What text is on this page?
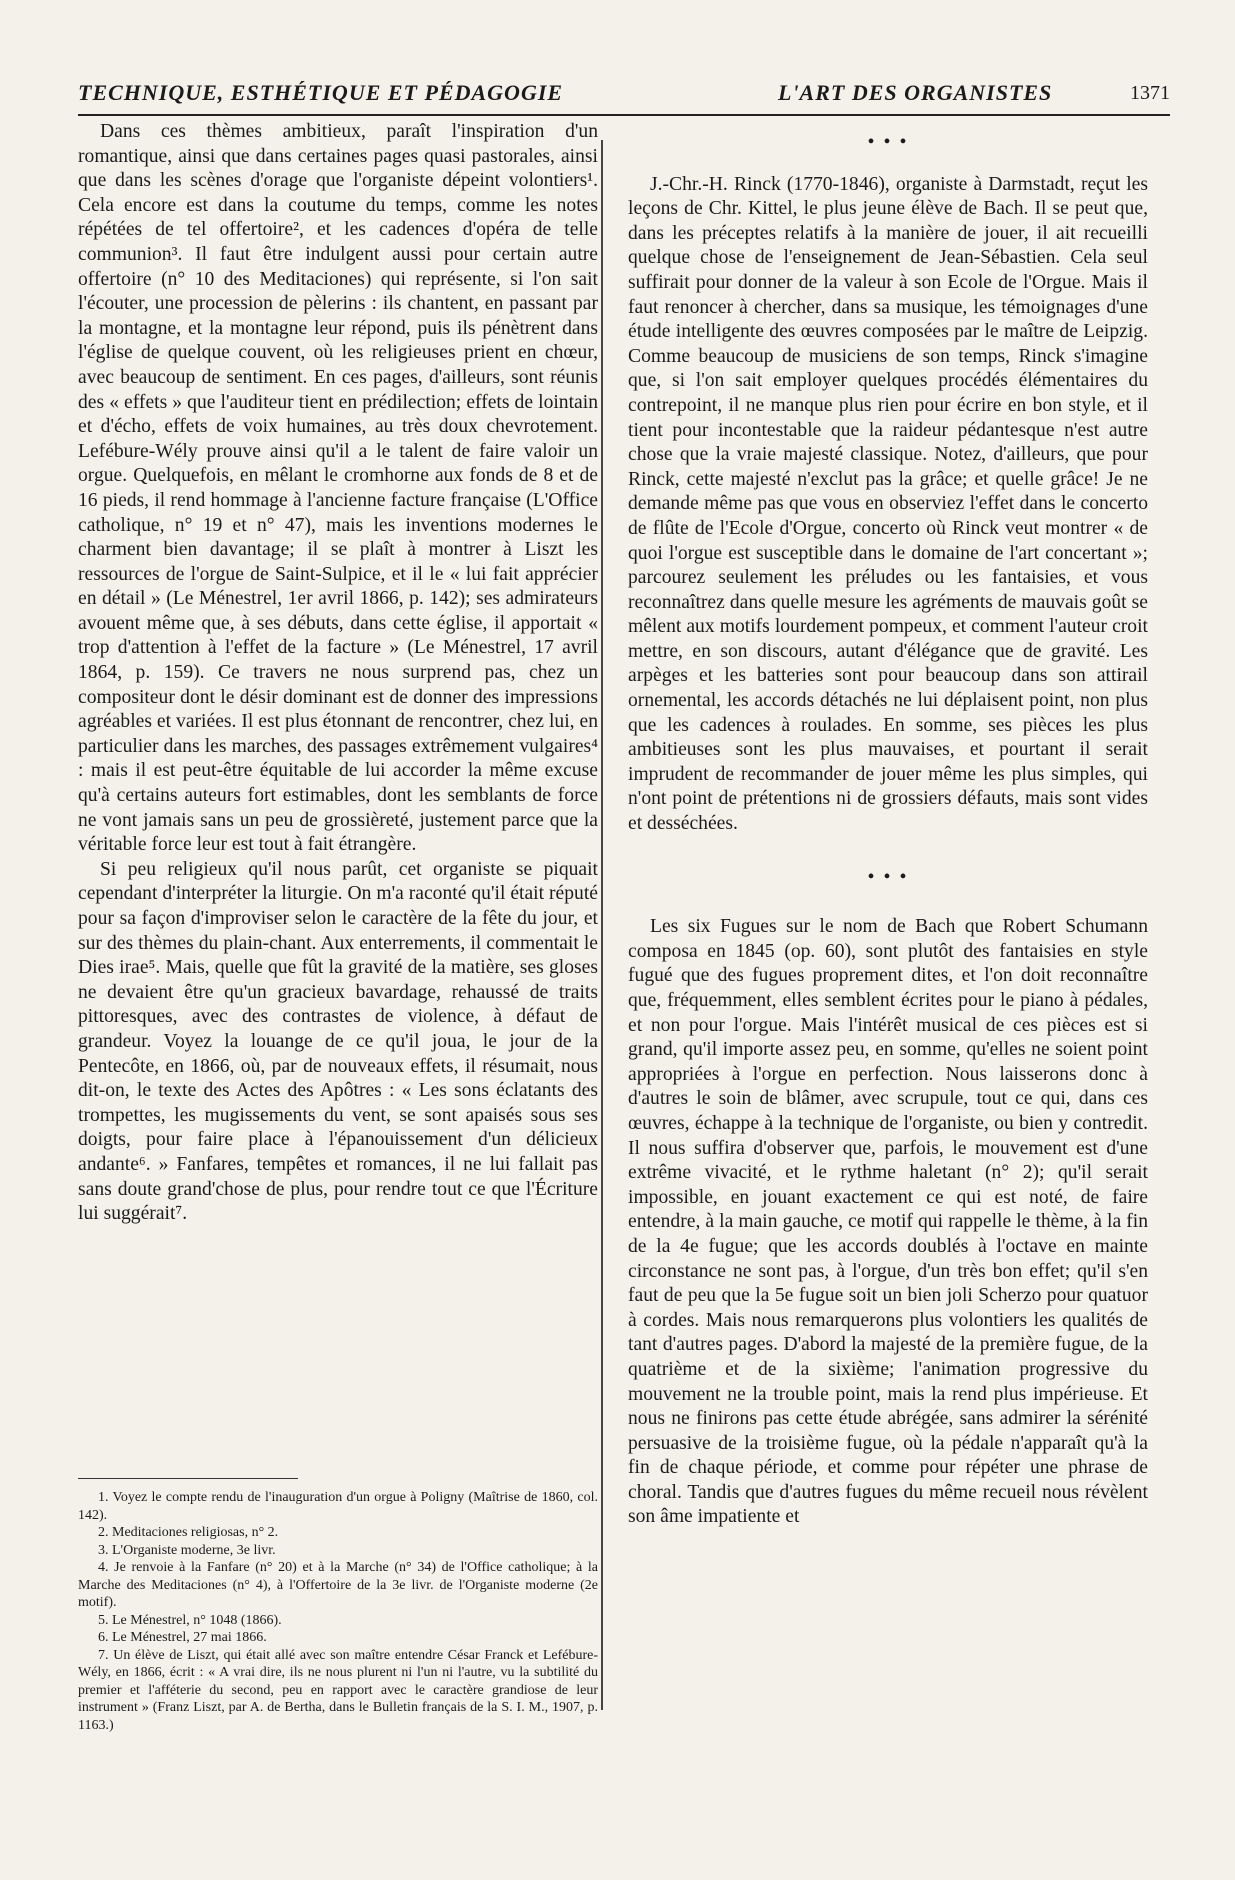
TECHNIQUE, ESTHÉTIQUE ET PÉDAGOGIE	L'ART DES ORGANISTES	1371

Dans ces thèmes ambitieux, paraît l'inspiration d'un romantique, ainsi que dans certaines pages quasi pastorales, ainsi que dans les scènes d'orage que l'organiste dépeint volontiers¹. Cela encore est dans la coutume du temps, comme les notes répétées de tel offertoire², et les cadences d'opéra de telle communion³. Il faut être indulgent aussi pour certain autre offertoire (n° 10 des Meditaciones) qui représente, si l'on sait l'écouter, une procession de pèlerins : ils chantent, en passant par la montagne, et la montagne leur répond, puis ils pénètrent dans l'église de quelque couvent, où les religieuses prient en chœur, avec beaucoup de sentiment. En ces pages, d'ailleurs, sont réunis des « effets » que l'auditeur tient en prédilection; effets de lointain et d'écho, effets de voix humaines, au très doux chevrotement. Lefébure-Wély prouve ainsi qu'il a le talent de faire valoir un orgue. Quelquefois, en mêlant le cromhorne aux fonds de 8 et de 16 pieds, il rend hommage à l'ancienne facture française (L'Office catholique, n° 19 et n° 47), mais les inventions modernes le charment bien davantage; il se plaît à montrer à Liszt les ressources de l'orgue de Saint-Sulpice, et il le « lui fait apprécier en détail » (Le Ménestrel, 1er avril 1866, p. 142); ses admirateurs avouent même que, à ses débuts, dans cette église, il apportait « trop d'attention à l'effet de la facture » (Le Ménestrel, 17 avril 1864, p. 159). Ce travers ne nous surprend pas, chez un compositeur dont le désir dominant est de donner des impressions agréables et variées. Il est plus étonnant de rencontrer, chez lui, en particulier dans les marches, des passages extrêmement vulgaires⁴ : mais il est peut-être équitable de lui accorder la même excuse qu'à certains auteurs fort estimables, dont les semblants de force ne vont jamais sans un peu de grossièreté, justement parce que la véritable force leur est tout à fait étrangère.

Si peu religieux qu'il nous parût, cet organiste se piquait cependant d'interpréter la liturgie. On m'a raconté qu'il était réputé pour sa façon d'improviser selon le caractère de la fête du jour, et sur des thèmes du plain-chant. Aux enterrements, il commentait le Dies irae⁵. Mais, quelle que fût la gravité de la matière, ses gloses ne devaient être qu'un gracieux bavardage, rehaussé de traits pittoresques, avec des contrastes de violence, à défaut de grandeur. Voyez la louange de ce qu'il joua, le jour de la Pentecôte, en 1866, où, par de nouveaux effets, il résumait, nous dit-on, le texte des Actes des Apôtres : « Les sons éclatants des trompettes, les mugissements du vent, se sont apaisés sous ses doigts, pour faire place à l'épanouissement d'un délicieux andante⁶. » Fanfares, tempêtes et romances, il ne lui fallait pas sans doute grand'chose de plus, pour rendre tout ce que l'Écriture lui suggérait⁷.

1. Voyez le compte rendu de l'inauguration d'un orgue à Poligny (Maîtrise de 1860, col. 142).
2. Meditaciones religiosas, n° 2.
3. L'Organiste moderne, 3e livr.
4. Je renvoie à la Fanfare (n° 20) et à la Marche (n° 34) de l'Office catholique; à la Marche des Meditaciones (n° 4), à l'Offertoire de la 3e livr. de l'Organiste moderne (2e motif).
5. Le Ménestrel, n° 1048 (1866).
6. Le Ménestrel, 27 mai 1866.
7. Un élève de Liszt, qui était allé avec son maître entendre César Franck et Lefébure-Wély, en 1866, écrit : « A vrai dire, ils ne nous plurent ni l'un ni l'autre, vu la subtilité du premier et l'afféterie du second, peu en rapport avec le caractère grandiose de leur instrument » (Franz Liszt, par A. de Bertha, dans le Bulletin français de la S. I. M., 1907, p. 1163.)
• • •

J.-Chr.-H. Rinck (1770-1846), organiste à Darmstadt, reçut les leçons de Chr. Kittel, le plus jeune élève de Bach. Il se peut que, dans les préceptes relatifs à la manière de jouer, il ait recueilli quelque chose de l'enseignement de Jean-Sébastien. Cela seul suffirait pour donner de la valeur à son Ecole de l'Orgue. Mais il faut renoncer à chercher, dans sa musique, les témoignages d'une étude intelligente des œuvres composées par le maître de Leipzig. Comme beaucoup de musiciens de son temps, Rinck s'imagine que, si l'on sait employer quelques procédés élémentaires du contrepoint, il ne manque plus rien pour écrire en bon style, et il tient pour incontestable que la raideur pédantesque n'est autre chose que la vraie majesté classique. Notez, d'ailleurs, que pour Rinck, cette majesté n'exclut pas la grâce; et quelle grâce! Je ne demande même pas que vous en observiez l'effet dans le concerto de flûte de l'Ecole d'Orgue, concerto où Rinck veut montrer « de quoi l'orgue est susceptible dans le domaine de l'art concertant »; parcourez seulement les préludes ou les fantaisies, et vous reconnaîtrez dans quelle mesure les agréments de mauvais goût se mêlent aux motifs lourdement pompeux, et comment l'auteur croit mettre, en son discours, autant d'élégance que de gravité. Les arpèges et les batteries sont pour beaucoup dans son attirail ornemental, les accords détachés ne lui déplaisent point, non plus que les cadences à roulades. En somme, ses pièces les plus ambitieuses sont les plus mauvaises, et pourtant il serait imprudent de recommander de jouer même les plus simples, qui n'ont point de prétentions ni de grossiers défauts, mais sont vides et desséchées.

• • •

Les six Fugues sur le nom de Bach que Robert Schumann composa en 1845 (op. 60), sont plutôt des fantaisies en style fugué que des fugues proprement dites, et l'on doit reconnaître que, fréquemment, elles semblent écrites pour le piano à pédales, et non pour l'orgue. Mais l'intérêt musical de ces pièces est si grand, qu'il importe assez peu, en somme, qu'elles ne soient point appropriées à l'orgue en perfection. Nous laisserons donc à d'autres le soin de blâmer, avec scrupule, tout ce qui, dans ces œuvres, échappe à la technique de l'organiste, ou bien y contredit. Il nous suffira d'observer que, parfois, le mouvement est d'une extrême vivacité, et le rythme haletant (n° 2); qu'il serait impossible, en jouant exactement ce qui est noté, de faire entendre, à la main gauche, ce motif qui rappelle le thème, à la fin de la 4e fugue; que les accords doublés à l'octave en mainte circonstance ne sont pas, à l'orgue, d'un très bon effet; qu'il s'en faut de peu que la 5e fugue soit un bien joli Scherzo pour quatuor à cordes. Mais nous remarquerons plus volontiers les qualités de tant d'autres pages. D'abord la majesté de la première fugue, de la quatrième et de la sixième; l'animation progressive du mouvement ne la trouble point, mais la rend plus impérieuse. Et nous ne finirons pas cette étude abrégée, sans admirer la sérénité persuasive de la troisième fugue, où la pédale n'apparaît qu'à la fin de chaque période, et comme pour répéter une phrase de choral. Tandis que d'autres fugues du même recueil nous révèlent son âme impatiente et
